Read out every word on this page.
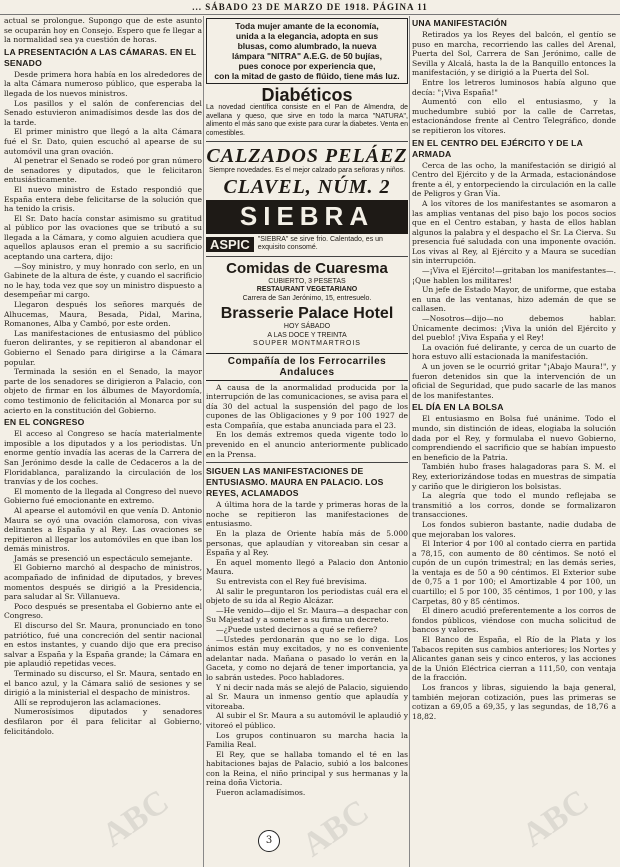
... SÁBADO 23 DE MARZO DE 1918. PÁGINA 11

actual se prolongue. Supongo que de este asunto se ocuparán hoy en Consejo. Espero que fe llegar a la normalidad sea ya cuestión de horas.

LA PRESENTACIÓN A LAS CÁMARAS. EN EL SENADO

Desde primera hora había en los alrededores de la alta Cámara numeroso público, que esperaba la llegada de los nuevos ministros.

Los pasillos y el salón de conferencias del Senado estuvieron animadísimos desde las dos de la tarde.

El primer ministro que llegó a la alta Cámara fué el Sr. Dato, quien escuchó al apearse de su automóvil una gran ovación.

Al penetrar el Senado se rodeó por gran número de senadores y diputados, que le felicitaron entusiásticamente.

El nuevo ministro de Estado respondió que España entera debe felicitarse de la solución que ha tenido la crisis.

El Sr. Dato hacía constar asimismo su gratitud al público por las ovaciones que se tributó a su llegada a la Cámara, y como alguien acudiera que aquellos aplausos eran el premio a su sacrificio aceptando una cartera, dijo:

—Soy ministro, y muy honrado con serlo, en un Gabinete de la altura de éste, y cuando el sacrificio no le hay, toda vez que soy un ministro dispuesto a desempeñar mi cargo.

Llegaron después los señores marqués de Alhucemas, Maura, Besada, Pidal, Marina, Romanones, Alba y Cambó, por este orden.

Las manifestaciones de entusiasmo del público fueron delirantes, y se repitieron al abandonar el Gobierno el Senado para dirigirse a la Cámara popular.

Terminada la sesión en el Senado, la mayor parte de los senadores se dirigieron a Palacio, con objeto de firmar en los álbumes de Mayordomía, como testimonio de felicitación al Monarca por su acierto en la constitución del Gobierno.

EN EL CONGRESO

El acceso al Congreso se hacía materialmente imposible a los diputados y a los periodistas. Un enorme gentío invadía las aceras de la Carrera de San Jerónimo desde la calle de Cedaceros a la de Floridablanca, paralizando la circulación de los tranvías y de los coches.

El momento de la llegada al Congreso del nuevo Gobierno fué emocionante en extremo.

Al apearse el automóvil en que venía D. Antonio Maura se oyó una ovación clamorosa, con vivas delirantes a España y al Rey. Las ovaciones se repitieron al llegar los automóviles en que iban los demás ministros.

Jamás se presenció un espectáculo semejante.

El Gobierno marchó al despacho de ministros, acompañado de infinidad de diputados, y breves momentos después se dirigió a la Presidencia, para saludar al Sr. Villanueva.

Poco después se presentaba el Gobierno ante el Congreso.

El discurso del Sr. Maura, pronunciado en tono patriótico, fué una concreción del sentir nacional en estos instantes, y cuando dijo que era preciso salvar a España y la España grande; la Cámara en pie aplaudió repetidas veces.

Terminado su discurso, el Sr. Maura, sentado en el banco azul, y la Cámara salió de sesiones y se dirigió a la ministerial el despacho de ministros.

Allí se reprodujeron las aclamaciones.

Numerosísimos diputados y senadores desfilaron por él para felicitar al Gobierno, felicitándolo.

Toda mujer amante de la economía,
unida a la elegancia, adopta en sus
blusas, como alumbrado, la nueva
lámpara "NITRA" A.E.G. de 50 bujías,
pues conoce por experiencia que,
con la mitad de gasto de flúido, tiene más luz.
Diabéticos
La novedad científica consiste en el Pan de Almendra, de avellana y queso, que sirve en todo la marca "NATURA", alimento el más sano que existe para curar la diabetes. Venta en comestibles.
CALZADOS PELÁEZ
Siempre novedades. Es el mejor calzado para señoras y niños.
CLAVEL, NÚM. 2
SIEBRA
ASPIC	"SIEBRA" se sirve frio. Calentado, es un exquisito consomé.
Comidas de Cuaresma
CUBIERTO, 3 PESETAS
RESTAURANT VEGETARIANO
Carrera de San Jerónimo, 15, entresuelo.
Brasserie Palace Hotel
HOY SÁBADO
A LAS DOCE Y TREINTA
SOUPER MONTMARTROIS
Compañía de los Ferrocarriles Andaluces

A causa de la anormalidad producida por la interrupción de las comunicaciones, se avisa para el día 30 del actual la suspensión del pago de los cupones de las Obligaciones y 9 por 100 1927 de esta Compañía, que estaba anunciada para el 23.

En los demás extremos queda vigente todo lo prevenido en el anuncio anteriormente publicado en la Prensa.

SIGUEN LAS MANIFESTACIONES DE ENTUSIASMO. MAURA EN PALACIO. LOS REYES, ACLAMADOS

A última hora de la tarde y primeras horas de la noche se repitieron las manifestaciones de entusiasmo.

En la plaza de Oriente había más de 5.000 personas, que aplaudían y vitoreaban sin cesar a España y al Rey.

En aquel momento llegó a Palacio don Antonio Maura.

Su entrevista con el Rey fué brevísima.

Al salir le preguntaron los periodistas cuál era el objeto de su ida al Regio Alcázar.

—He venido—dijo el Sr. Maura—a despachar con Su Majestad y a someter a su firma un decreto.

—¿Puede usted decirnos a qué se refiere?

—Ustedes perdonarán que no se lo diga. Los ánimos están muy excitados, y no es conveniente adelantar nada. Mañana o pasado lo verán en la Gaceta, y como no dejará de tener importancia, ya lo sabrán ustedes. Poco habladores.

Y ni decir nada más se alejó de Palacio, siguiendo al Sr. Maura un inmenso gentío que aplaudía y vitoreaba.

Al subir el Sr. Maura a su automóvil le aplaudió y vitoreó el público.

Los grupos continuaron su marcha hacia la Familia Real.

El Rey, que se hallaba tomando el té en las habitaciones bajas de Palacio, subió a los balcones con la Reina, el niño principal y sus hermanas y la reina doña Victoria.

Fueron aclamadísimos.

UNA MANIFESTACIÓN

Retirados ya los Reyes del balcón, el gentío se puso en marcha, recorriendo las calles del Arenal, Puerta del Sol, Carrera de San Jerónimo, calle de Sevilla y Alcalá, hasta la de la Banquillo entonces la manifestación, y se dirigió a la Puerta del Sol.

Entre los letreros luminosos había alguno que decía: "¡Viva España!"

Aumentó con ello el entusiasmo, y la muchedumbre subió por la calle de Carretas, estacionándose frente al Centro Telegráfico, donde se repitieron los vítores.

EN EL CENTRO DEL EJÉRCITO Y DE LA ARMADA

Cerca de las ocho, la manifestación se dirigió al Centro del Ejército y de la Armada, estacionándose frente a él, y entorpeciendo la circulación en la calle de Peligros y Gran Vía.

A los vítores de los manifestantes se asomaron a las amplias ventanas del piso bajo los pocos socios que en el Centro estaban, y hasta de ellos hablan algunos la palabra y el despacho el Sr. La Cierva. Su presencia fué saludada con una imponente ovación. Los vivas al Rey, al Ejército y a Maura se sucedían sin interrupción.

—¡Viva el Ejército!—gritaban los manifestantes—. ¡Que hablen los militares!

Un jefe de Estado Mayor, de uniforme, que estaba en una de las ventanas, hizo ademán de que se callasen.

—Nosotros—dijo—no debemos hablar. Únicamente decimos: ¡Viva la unión del Ejército y del pueblo! ¡Viva España y el Rey!

La ovación fué delirante, y cerca de un cuarto de hora estuvo allí estacionada la manifestación.

A un joven se le ocurrió gritar "¡Abajo Maura!", y fueron detenidos sin que la intervención de un oficial de Seguridad, que pudo sacarle de las manos de los manifestantes.

EL DÍA EN LA BOLSA

El entusiasmo en Bolsa fué unánime. Todo el mundo, sin distinción de ideas, elogiaba la solución dada por el Rey, y formulaba el nuevo Gobierno, comprendiendo el sacrificio que se habían impuesto en beneficio de la Patria.

También hubo frases halagadoras para S. M. el Rey, exteriorizándose todas en muestras de simpatía y cariño que le dirigieron los bolsistas.

La alegría que todo el mundo reflejaba se transmitió a los corros, donde se formalizaron transacciones.

Los fondos subieron bastante, nadie dudaba de que mejoraban los valores.

El Interior 4 por 100 al contado cierra en partida a 78,15, con aumento de 80 céntimos. Se notó el cupón de un cupón trimestral; en las demás series, la ventaja es de 50 a 90 céntimos. El Exterior sube de 0,75 a 1 por 100; el Amortizable 4 por 100, un cuartillo; el 5 por 100, 35 céntimos, 1 por 100, y las Carpetas, 80 y 85 céntimos.

El dinero acudió preferentemente a los corros de fondos públicos, viéndose con mucha solicitud de bancos y valores.

El Banco de España, el Río de la Plata y los Tabacos repiten sus cambios anteriores; los Nortes y Alicantes ganan seis y cinco enteros, y las acciones de la Unión Eléctrica cierran a 111,50, con ventaja de la fracción.

Los francos y libras, siguiendo la baja general, también mejoran cotización, pues las primeras se cotizan a 69,05 a 69,35, y las segundas, de 18,76 a 18,82.

3
ABC	ABC	ABC
